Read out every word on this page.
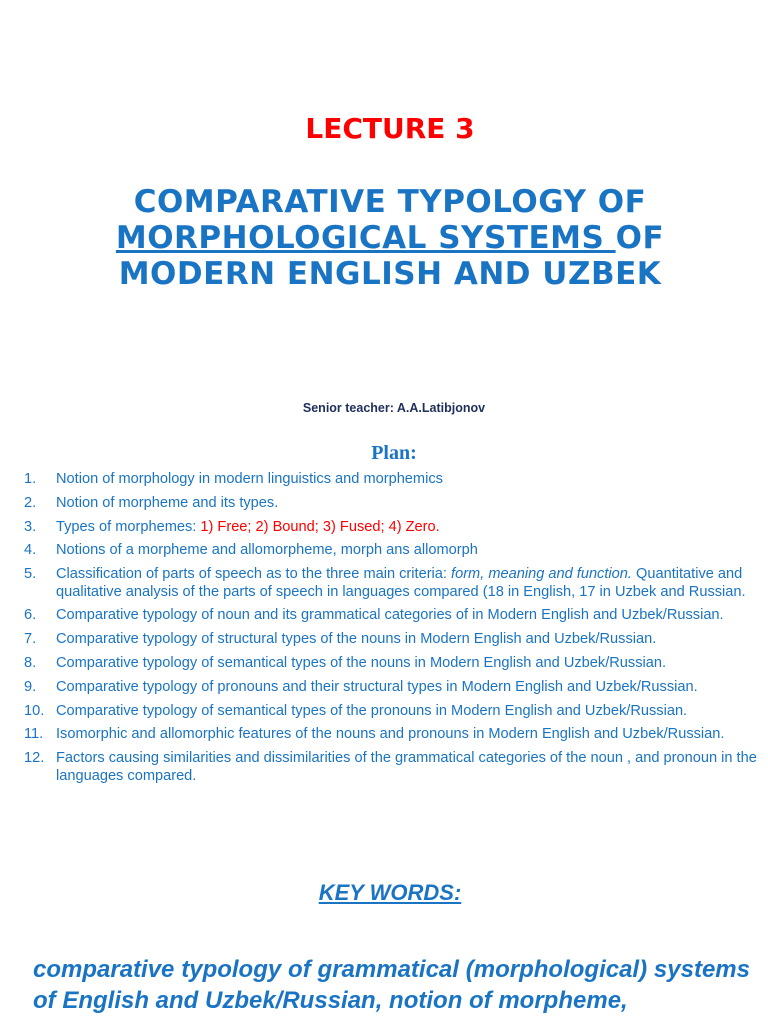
LECTURE 3
COMPARATIVE TYPOLOGY OF
MORPHOLOGICAL SYSTEMS OF
MODERN ENGLISH AND UZBEK
Senior teacher: A.A.Latibjonov
Plan:
1. Notion of morphology in modern linguistics and morphemics
2. Notion of morpheme and its types.
3. Types of morphemes: 1) Free; 2) Bound; 3) Fused; 4) Zero.
4. Notions of a morpheme and allomorpheme, morph ans allomorph
5. Classification of parts of speech as to the three main criteria: form, meaning and function. Quantitative and qualitative analysis of the parts of speech in languages compared (18 in English, 17 in Uzbek and Russian.
6. Comparative typology of noun and its grammatical categories of in Modern English and Uzbek/Russian.
7. Comparative typology of structural types of the nouns in Modern English and Uzbek/Russian.
8. Comparative typology of semantical types of the nouns in Modern English and Uzbek/Russian.
9. Comparative typology of pronouns and their structural types in Modern English and Uzbek/Russian.
10. Comparative typology of semantical types of the pronouns in Modern English and Uzbek/Russian.
11. Isomorphic and allomorphic features of the nouns and pronouns in Modern English and Uzbek/Russian.
12. Factors causing similarities and dissimilarities of the grammatical categories of the noun , and pronoun in the languages compared.
KEY WORDS:

comparative typology of grammatical (morphological) systems of English and Uzbek/Russian, notion of morpheme,
